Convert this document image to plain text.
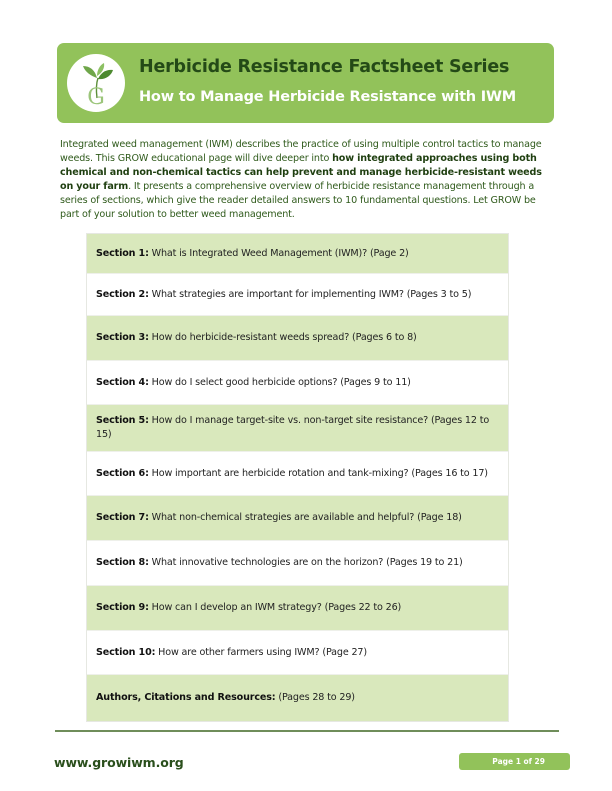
G
Herbicide Resistance Factsheet Series
How to Manage Herbicide Resistance with IWM

Integrated weed management (IWM) describes the practice of using multiple control tactics to manage weeds. This GROW educational page will dive deeper into how integrated approaches using both chemical and non-chemical tactics can help prevent and manage herbicide-resistant weeds on your farm. It presents a comprehensive overview of herbicide resistance management through a series of sections, which give the reader detailed answers to 10 fundamental questions. Let GROW be part of your solution to better weed management.

Section 1: What is Integrated Weed Management (IWM)? (Page 2)
Section 2: What strategies are important for implementing IWM? (Pages 3 to 5)
Section 3: How do herbicide-resistant weeds spread? (Pages 6 to 8)
Section 4: How do I select good herbicide options? (Pages 9 to 11)
Section 5: How do I manage target-site vs. non-target site resistance? (Pages 12 to 15)
Section 6: How important are herbicide rotation and tank-mixing? (Pages 16 to 17)
Section 7: What non-chemical strategies are available and helpful? (Page 18)
Section 8: What innovative technologies are on the horizon? (Pages 19 to 21)
Section 9: How can I develop an IWM strategy? (Pages 22 to 26)
Section 10: How are other farmers using IWM? (Page 27)
Authors, Citations and Resources: (Pages 28 to 29)
www.growiwm.org	Page 1 of 29
